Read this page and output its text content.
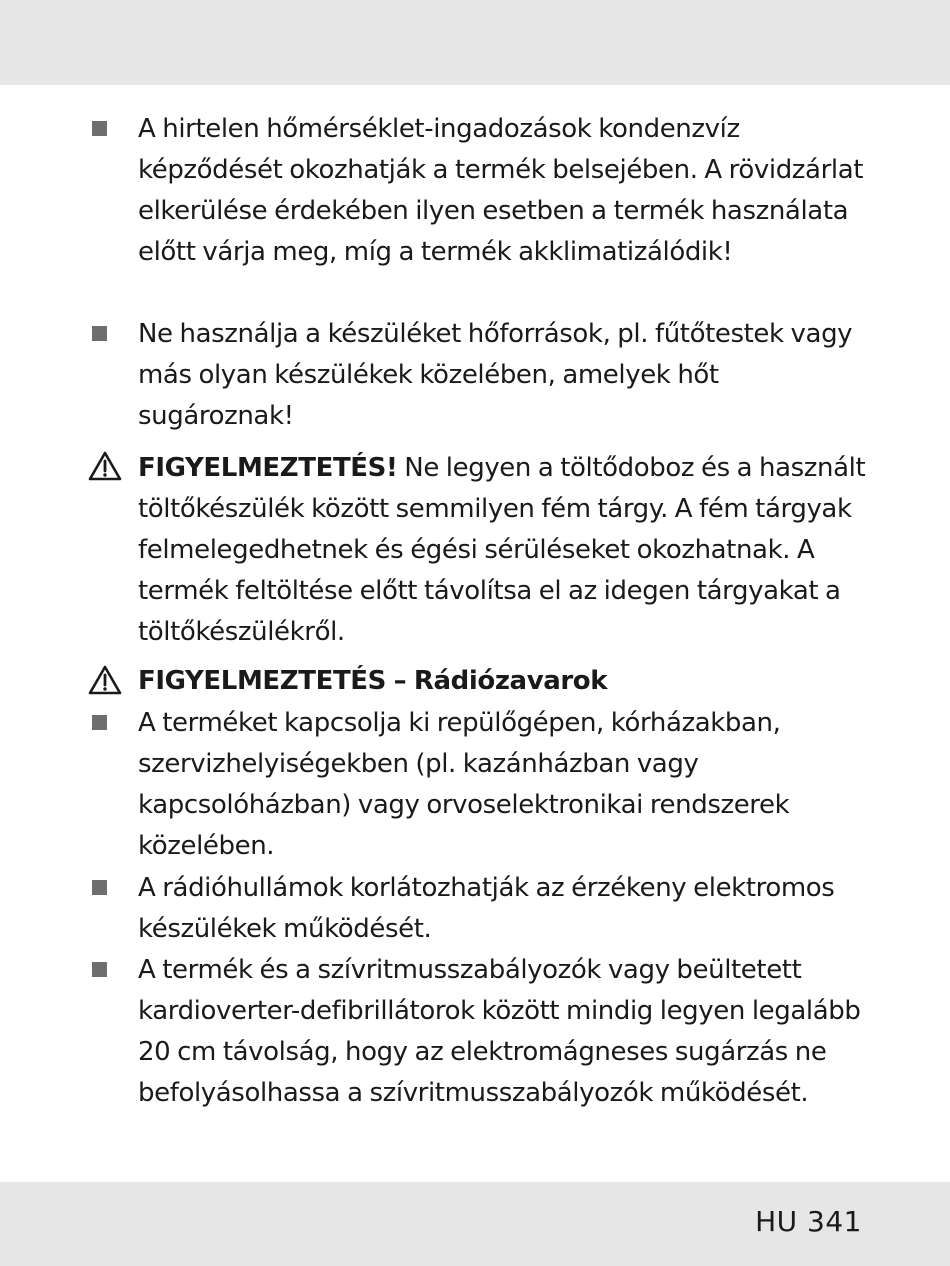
A hirtelen hőmérséklet-ingadozások kondenzvíz képződését okozhatják a termék belsejében. A rövidzárlat elkerülése érdekében ilyen esetben a termék használata előtt várja meg, míg a termék akklimatizálódik!
Ne használja a készüléket hőforrások, pl. fűtőtestek vagy más olyan készülékek közelében, amelyek hőt sugároznak!
FIGYELMEZTETÉS! Ne legyen a töltődoboz és a használt töltőkészülék között semmilyen fém tárgy. A fém tárgyak felmelegedhetnek és égési sérüléseket okozhatnak. A termék feltöltése előtt távolítsa el az idegen tárgyakat a töltőkészülékről.
FIGYELMEZTETÉS – Rádiózavarok
A terméket kapcsolja ki repülőgépen, kórházakban, szervizhelyiségekben (pl. kazánházban vagy kapcsolóházban) vagy orvoselektronikai rendszerek közelében.
A rádióhullámok korlátozhatják az érzékeny elektromos készülékek működését.
A termék és a szívritmusszabályozók vagy beültetett kardioverter-defibrillátorok között mindig legyen legalább 20 cm távolság, hogy az elektromágneses sugárzás ne befolyásolhassa a szívritmusszabályozók működését.
HU 341
